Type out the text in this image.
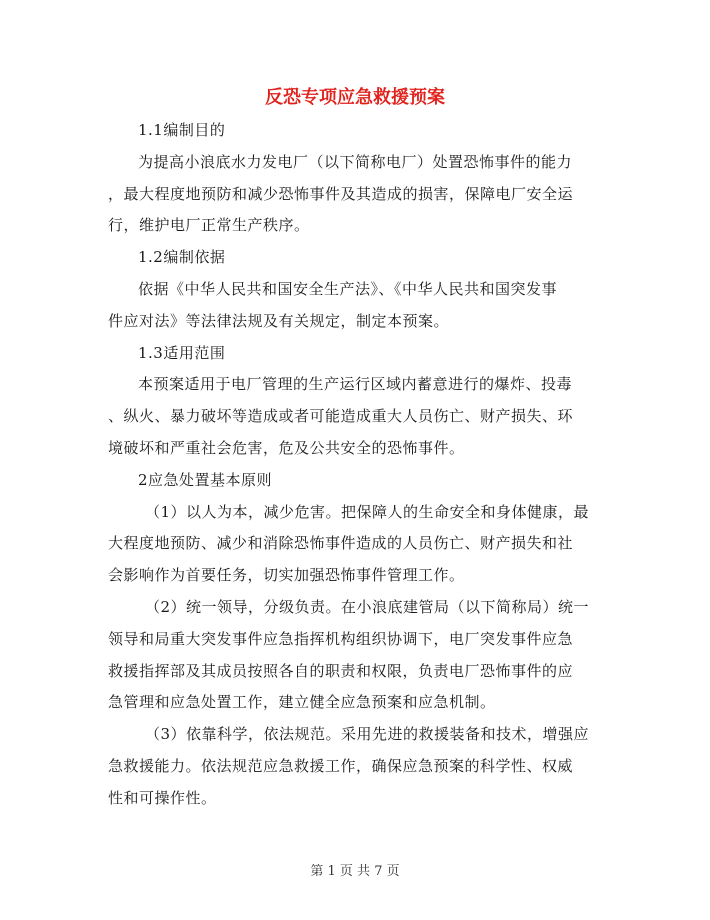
反恐专项应急救援预案
1.1编制目的
为提高小浪底水力发电厂（以下简称电厂）处置恐怖事件的能力
，最大程度地预防和减少恐怖事件及其造成的损害，保障电厂安全运
行，维护电厂正常生产秩序。
1.2编制依据
依据《中华人民共和国安全生产法》、《中华人民共和国突发事
件应对法》等法律法规及有关规定，制定本预案。
1.3适用范围
本预案适用于电厂管理的生产运行区域内蓄意进行的爆炸、投毒
、纵火、暴力破坏等造成或者可能造成重大人员伤亡、财产损失、环
境破坏和严重社会危害，危及公共安全的恐怖事件。
2应急处置基本原则
（1）以人为本，减少危害。把保障人的生命安全和身体健康，最
大程度地预防、减少和消除恐怖事件造成的人员伤亡、财产损失和社
会影响作为首要任务，切实加强恐怖事件管理工作。
（2）统一领导，分级负责。在小浪底建管局（以下简称局）统一
领导和局重大突发事件应急指挥机构组织协调下，电厂突发事件应急
救援指挥部及其成员按照各自的职责和权限，负责电厂恐怖事件的应
急管理和应急处置工作，建立健全应急预案和应急机制。
（3）依靠科学，依法规范。采用先进的救援装备和技术，增强应
急救援能力。依法规范应急救援工作，确保应急预案的科学性、权威
性和可操作性。
第 1 页 共 7 页
